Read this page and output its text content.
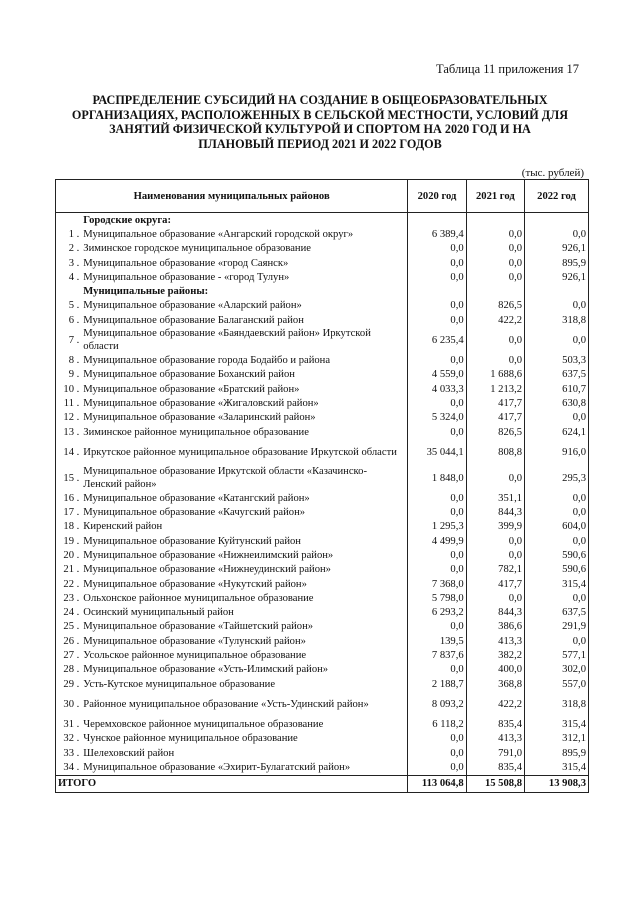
Таблица 11 приложения 17
РАСПРЕДЕЛЕНИЕ СУБСИДИЙ НА СОЗДАНИЕ В ОБЩЕОБРАЗОВАТЕЛЬНЫХ ОРГАНИЗАЦИЯХ, РАСПОЛОЖЕННЫХ В СЕЛЬСКОЙ МЕСТНОСТИ, УСЛОВИЙ ДЛЯ ЗАНЯТИЙ ФИЗИЧЕСКОЙ КУЛЬТУРОЙ И СПОРТОМ НА 2020 ГОД И НА ПЛАНОВЫЙ ПЕРИОД 2021 И 2022 ГОДОВ
(тыс. рублей)
Наименования муниципальных районов		2020 год	2021 год	2022 год
	Городские округа:			
1 .	Муниципальное образование «Ангарский городской округ»	6 389,4	0,0	0,0
2 .	Зиминское городское муниципальное образование	0,0	0,0	926,1
3 .	Муниципальное образование «город Саянск»	0,0	0,0	895,9
4 .	Муниципальное образование - «город Тулун»	0,0	0,0	926,1
	Муниципальные районы:			
5 .	Муниципальное образование «Аларский район»	0,0	826,5	0,0
6 .	Муниципальное образование Балаганский район	0,0	422,2	318,8
7 .	Муниципальное образование «Баяндаевский район» Иркутской области	6 235,4	0,0	0,0
8 .	Муниципальное образование города Бодайбо и района	0,0	0,0	503,3
9 .	Муниципальное образование Боханский район	4 559,0	1 688,6	637,5
10 .	Муниципальное образование «Братский район»	4 033,3	1 213,2	610,7
11 .	Муниципальное образование «Жигаловский район»	0,0	417,7	630,8
12 .	Муниципальное образование «Заларинский район»	5 324,0	417,7	0,0
13 .	Зиминское районное муниципальное образование	0,0	826,5	624,1
14 .	Иркутское районное муниципальное образование Иркутской области	35 044,1	808,8	916,0
15 .	Муниципальное образование Иркутской области «Казачинско-Ленский район»	1 848,0	0,0	295,3
16 .	Муниципальное образование «Катангский район»	0,0	351,1	0,0
17 .	Муниципальное образование «Качугский район»	0,0	844,3	0,0
18 .	Киренский район	1 295,3	399,9	604,0
19 .	Муниципальное образование Куйтунский район	4 499,9	0,0	0,0
20 .	Муниципальное образование «Нижнеилимский район»	0,0	0,0	590,6
21 .	Муниципальное образование «Нижнеудинский район»	0,0	782,1	590,6
22 .	Муниципальное образование «Нукутский район»	7 368,0	417,7	315,4
23 .	Ольхонское районное муниципальное образование	5 798,0	0,0	0,0
24 .	Осинский муниципальный район	6 293,2	844,3	637,5
25 .	Муниципальное образование «Тайшетский район»	0,0	386,6	291,9
26 .	Муниципальное образование «Тулунский район»	139,5	413,3	0,0
27 .	Усольское районное муниципальное образование	7 837,6	382,2	577,1
28 .	Муниципальное образование «Усть-Илимский район»	0,0	400,0	302,0
29 .	Усть-Кутское муниципальное образование	2 188,7	368,8	557,0
30 .	Районное муниципальное образование «Усть-Удинский район»	8 093,2	422,2	318,8
31 .	Черемховское районное муниципальное образование	6 118,2	835,4	315,4
32 .	Чунское районное муниципальное образование	0,0	413,3	312,1
33 .	Шелеховский район	0,0	791,0	895,9
34 .	Муниципальное образование «Эхирит-Булагатский район»	0,0	835,4	315,4
ИТОГО		113 064,8	15 508,8	13 908,3
